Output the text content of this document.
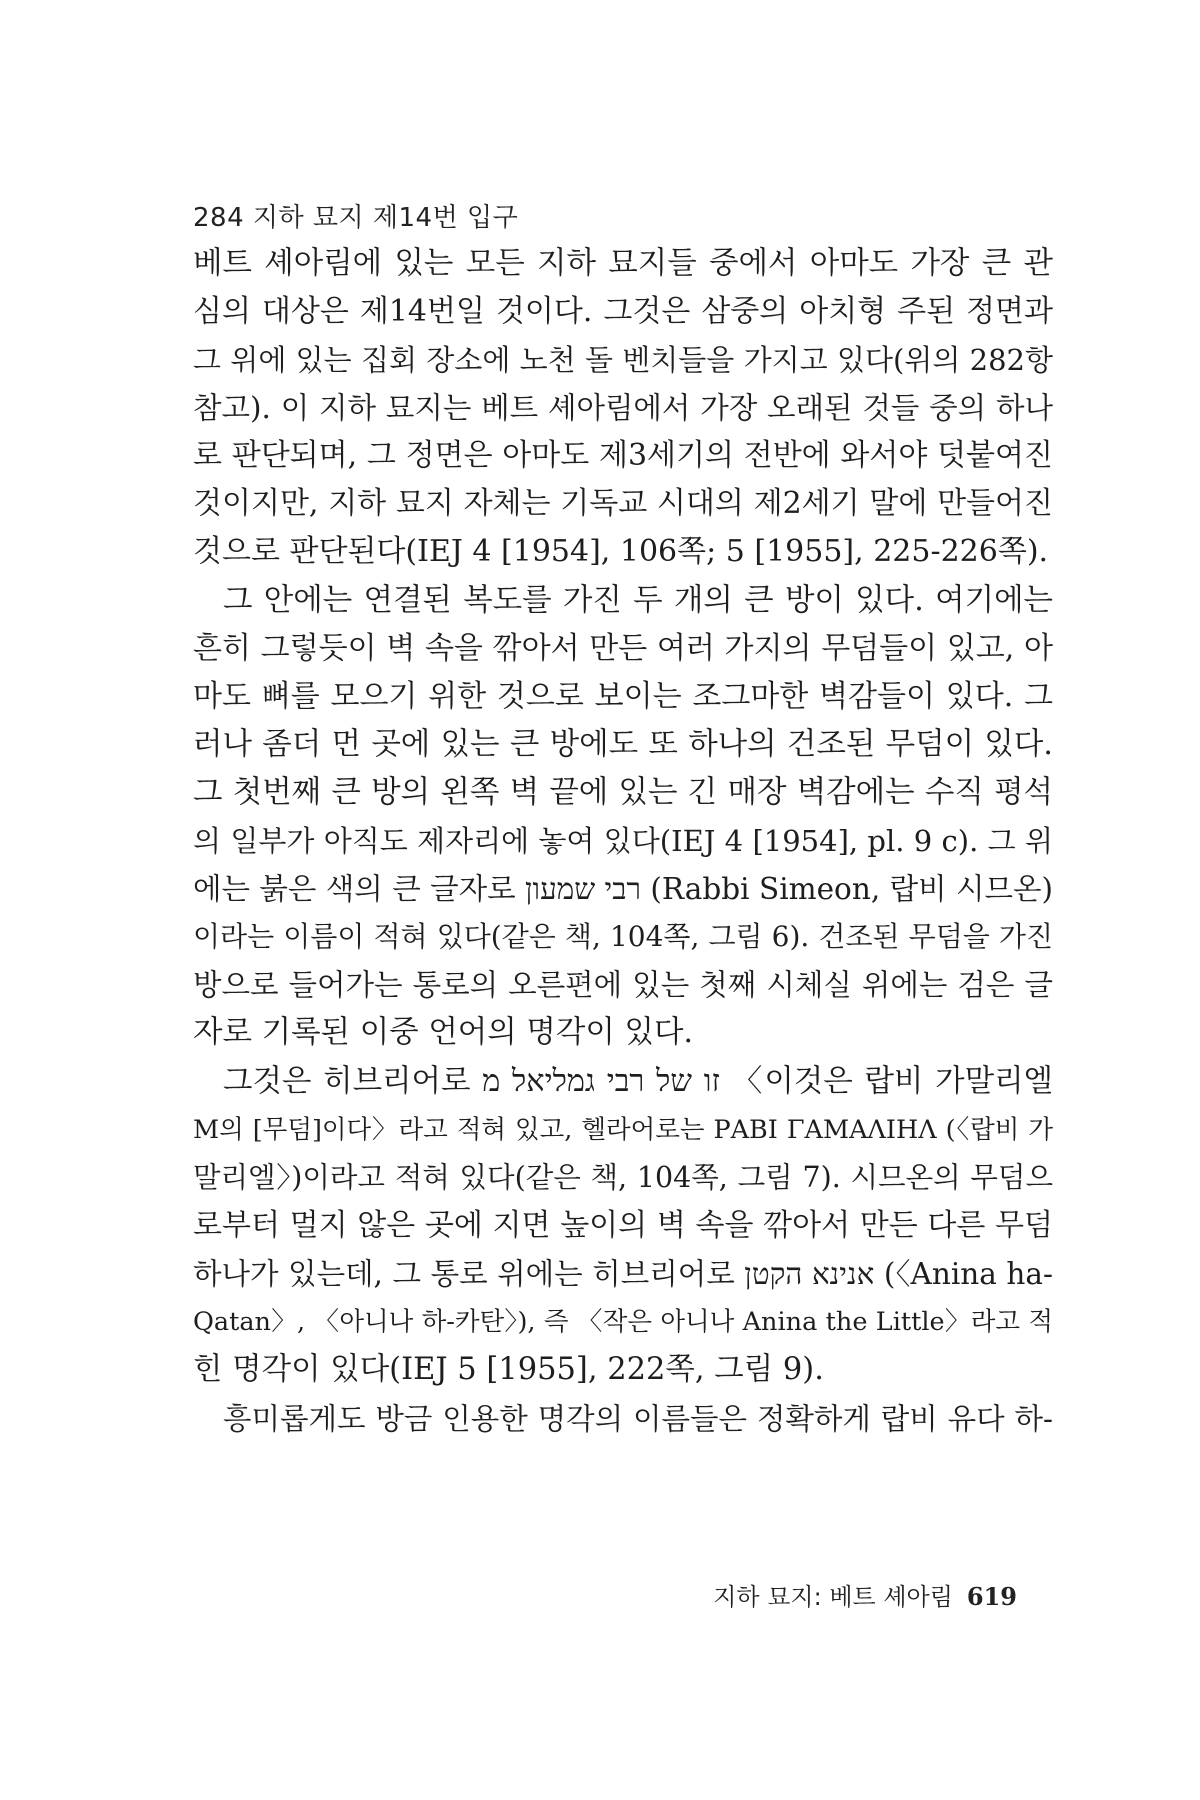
284 지하 묘지 제14번 입구
베트 셰아림에 있는 모든 지하 묘지들 중에서 아마도 가장 큰 관
심의 대상은 제14번일 것이다. 그것은 삼중의 아치형 주된 정면과
그 위에 있는 집회 장소에 노천 돌 벤치들을 가지고 있다(위의 282항
참고). 이 지하 묘지는 베트 셰아림에서 가장 오래된 것들 중의 하나
로 판단되며, 그 정면은 아마도 제3세기의 전반에 와서야 덧붙여진
것이지만, 지하 묘지 자체는 기독교 시대의 제2세기 말에 만들어진
것으로 판단된다(IEJ 4 [1954], 106쪽; 5 [1955], 225-226쪽).
그 안에는 연결된 복도를 가진 두 개의 큰 방이 있다. 여기에는
흔히 그렇듯이 벽 속을 깎아서 만든 여러 가지의 무덤들이 있고, 아
마도 뼈를 모으기 위한 것으로 보이는 조그마한 벽감들이 있다. 그
러나 좀더 먼 곳에 있는 큰 방에도 또 하나의 건조된 무덤이 있다.
그 첫번째 큰 방의 왼쪽 벽 끝에 있는 긴 매장 벽감에는 수직 평석
의 일부가 아직도 제자리에 놓여 있다(IEJ 4 [1954], pl. 9 c). 그 위
에는 붉은 색의 큰 글자로 רבי שמעון (Rabbi Simeon, 랍비 시므온)
이라는 이름이 적혀 있다(같은 책, 104쪽, 그림 6). 건조된 무덤을 가진
방으로 들어가는 통로의 오른편에 있는 첫째 시체실 위에는 검은 글
자로 기록된 이중 언어의 명각이 있다.
그것은 히브리어로 זו של רבי גמליאל מ 〈이것은 랍비 가말리엘
M의 [무덤]이다〉라고 적혀 있고, 헬라어로는 ΡΑΒΙ ΓΑΜΑΛΙΗΛ (〈랍비 가
말리엘〉)이라고 적혀 있다(같은 책, 104쪽, 그림 7). 시므온의 무덤으
로부터 멀지 않은 곳에 지면 높이의 벽 속을 깎아서 만든 다른 무덤
하나가 있는데, 그 통로 위에는 히브리어로 אנינא הקטן (〈Anina ha-
Qatan〉, 〈아니나 하-카탄〉), 즉 〈작은 아니나 Anina the Little〉라고 적
힌 명각이 있다(IEJ 5 [1955], 222쪽, 그림 9).
흥미롭게도 방금 인용한 명각의 이름들은 정확하게 랍비 유다 하-
지하 묘지: 베트 셰아림 619
